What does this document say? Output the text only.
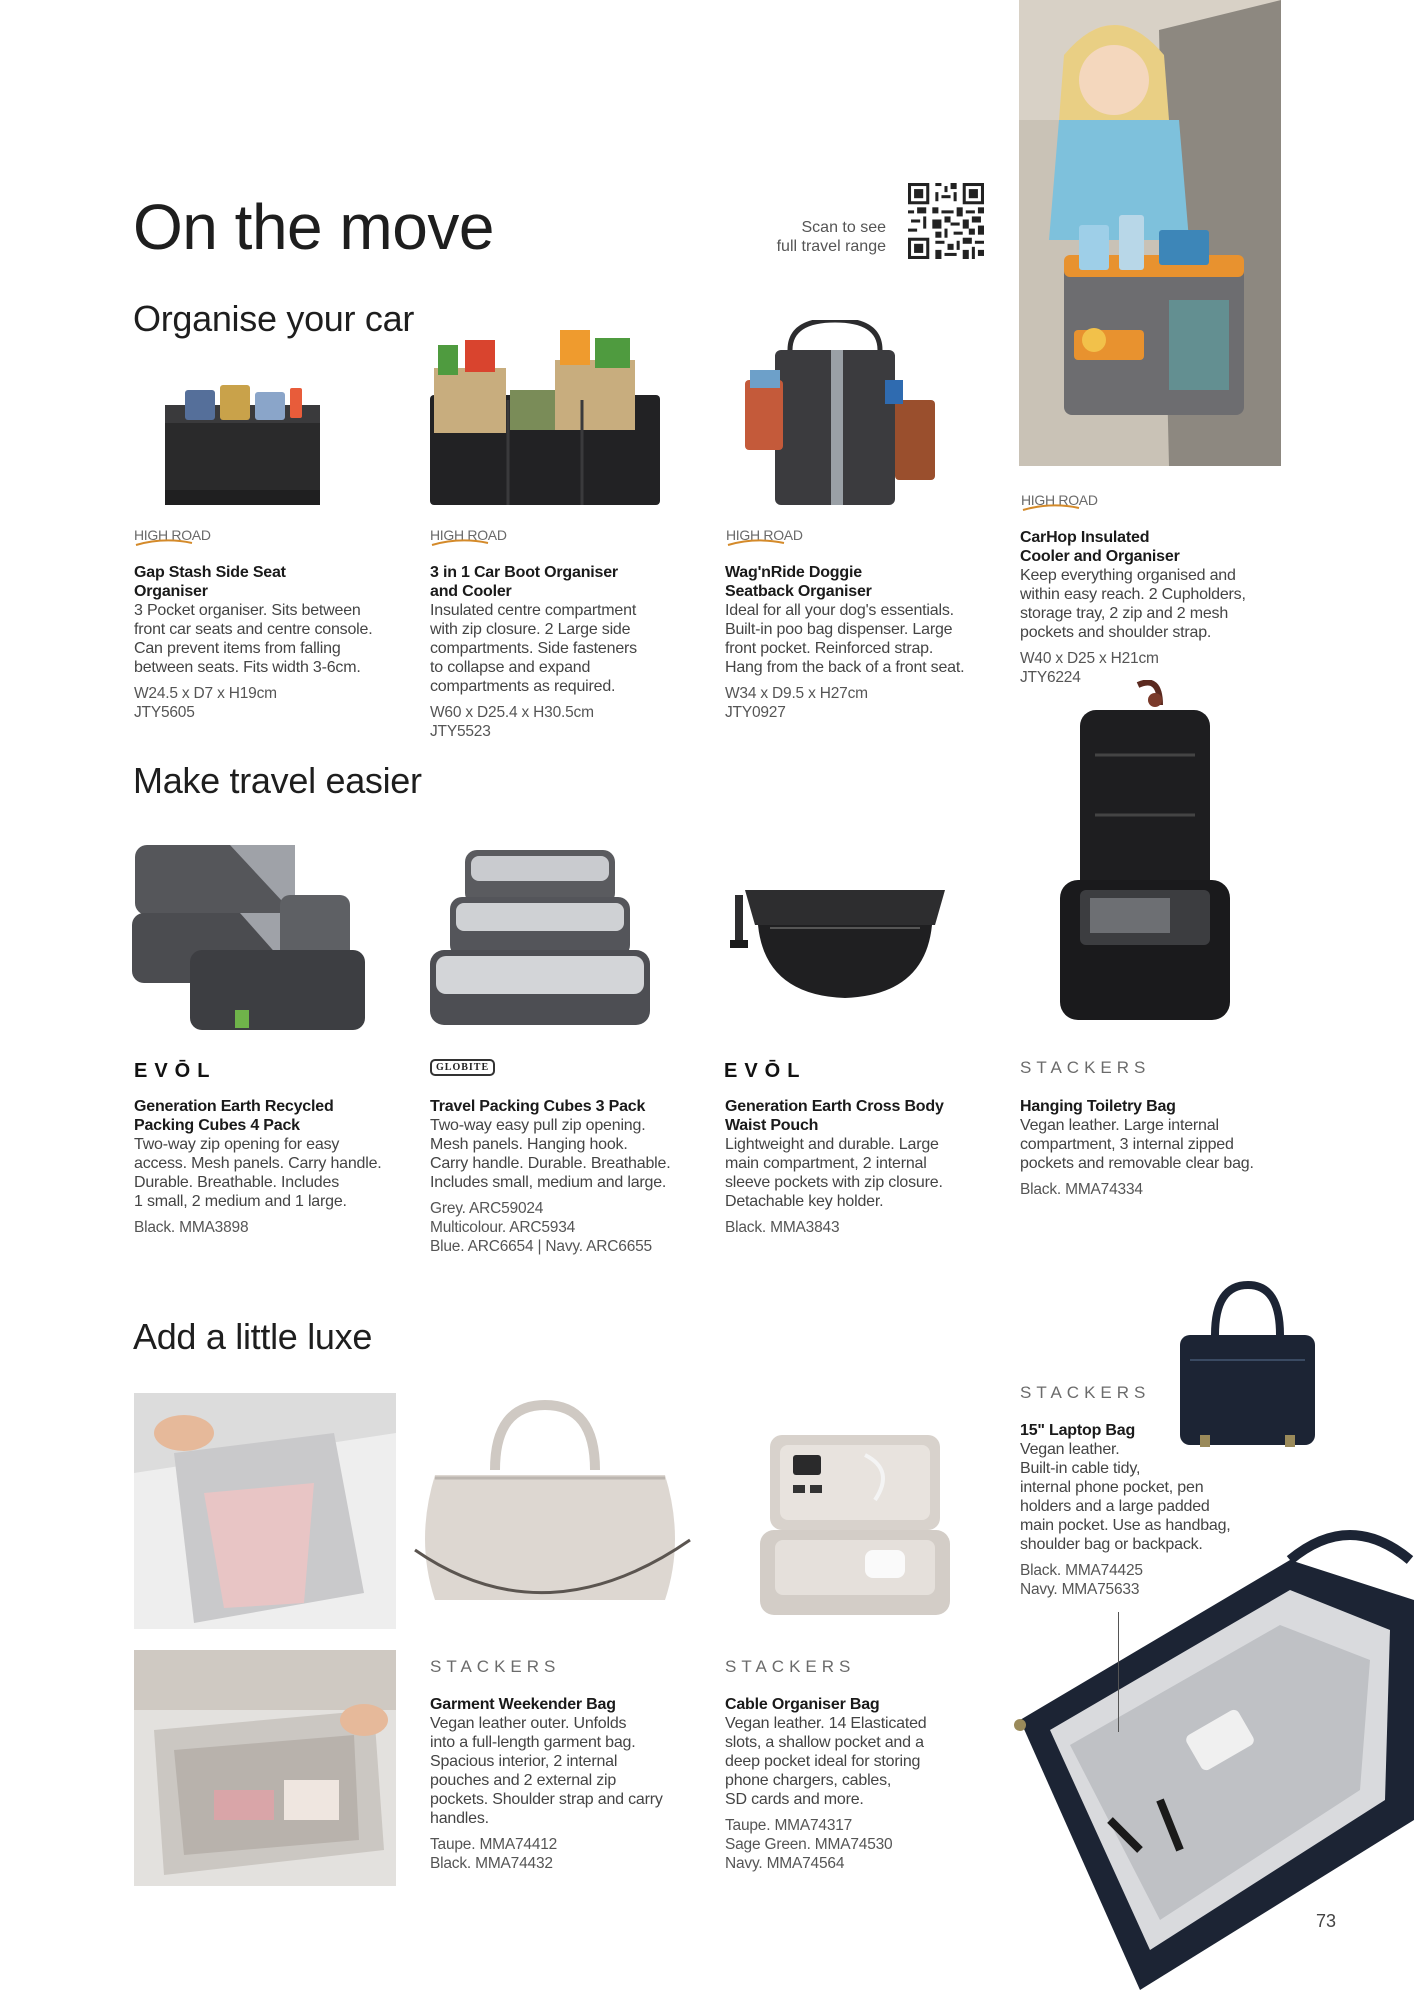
On the move	Scan to see
full travel range
Organise your car
HIGH ROAD	HIGH ROAD	HIGH ROAD
HIGH ROAD
Gap Stash Side Seat
Organiser
3 Pocket organiser. Sits between
front car seats and centre console.
Can prevent items from falling
between seats. Fits width 3-6cm.
W24.5 x D7 x H19cm
JTY5605
3 in 1 Car Boot Organiser
and Cooler
Insulated centre compartment
with zip closure. 2 Large side
compartments. Side fasteners
to collapse and expand
compartments as required.
W60 x D25.4 x H30.5cm
JTY5523
Wag'nRide Doggie
Seatback Organiser
Ideal for all your dog's essentials.
Built-in poo bag dispenser. Large
front pocket. Reinforced strap.
Hang from the back of a front seat.
W34 x D9.5 x H27cm
JTY0927
CarHop Insulated
Cooler and Organiser
Keep everything organised and
within easy reach. 2 Cupholders,
storage tray, 2 zip and 2 mesh
pockets and shoulder strap.
W40 x D25 x H21cm
JTY6224
Make travel easier
EVŌL	GLOBITE	EVŌL	STACKERS
Generation Earth Recycled
Packing Cubes 4 Pack
Two-way zip opening for easy
access. Mesh panels. Carry handle.
Durable. Breathable. Includes
1 small, 2 medium and 1 large.
Black. MMA3898
Travel Packing Cubes 3 Pack
Two-way easy pull zip opening.
Mesh panels. Hanging hook.
Carry handle. Durable. Breathable.
Includes small, medium and large.
Grey. ARC59024
Multicolour. ARC5934
Blue. ARC6654 | Navy. ARC6655
Generation Earth Cross Body
Waist Pouch
Lightweight and durable. Large
main compartment, 2 internal
sleeve pockets with zip closure.
Detachable key holder.
Black. MMA3843
Hanging Toiletry Bag
Vegan leather. Large internal
compartment, 3 internal zipped
pockets and removable clear bag.
Black. MMA74334
Add a little luxe
STACKERS
STACKERS	STACKERS
15" Laptop Bag
Vegan leather.
Built-in cable tidy,
internal phone pocket, pen
holders and a large padded
main pocket. Use as handbag,
shoulder bag or backpack.
Black. MMA74425
Navy. MMA75633
Garment Weekender Bag
Vegan leather outer. Unfolds
into a full-length garment bag.
Spacious interior, 2 internal
pouches and 2 external zip
pockets. Shoulder strap and carry
handles.
Taupe. MMA74412
Black. MMA74432
Cable Organiser Bag
Vegan leather. 14 Elasticated
slots, a shallow pocket and a
deep pocket ideal for storing
phone chargers, cables,
SD cards and more.
Taupe. MMA74317
Sage Green. MMA74530
Navy. MMA74564
73
